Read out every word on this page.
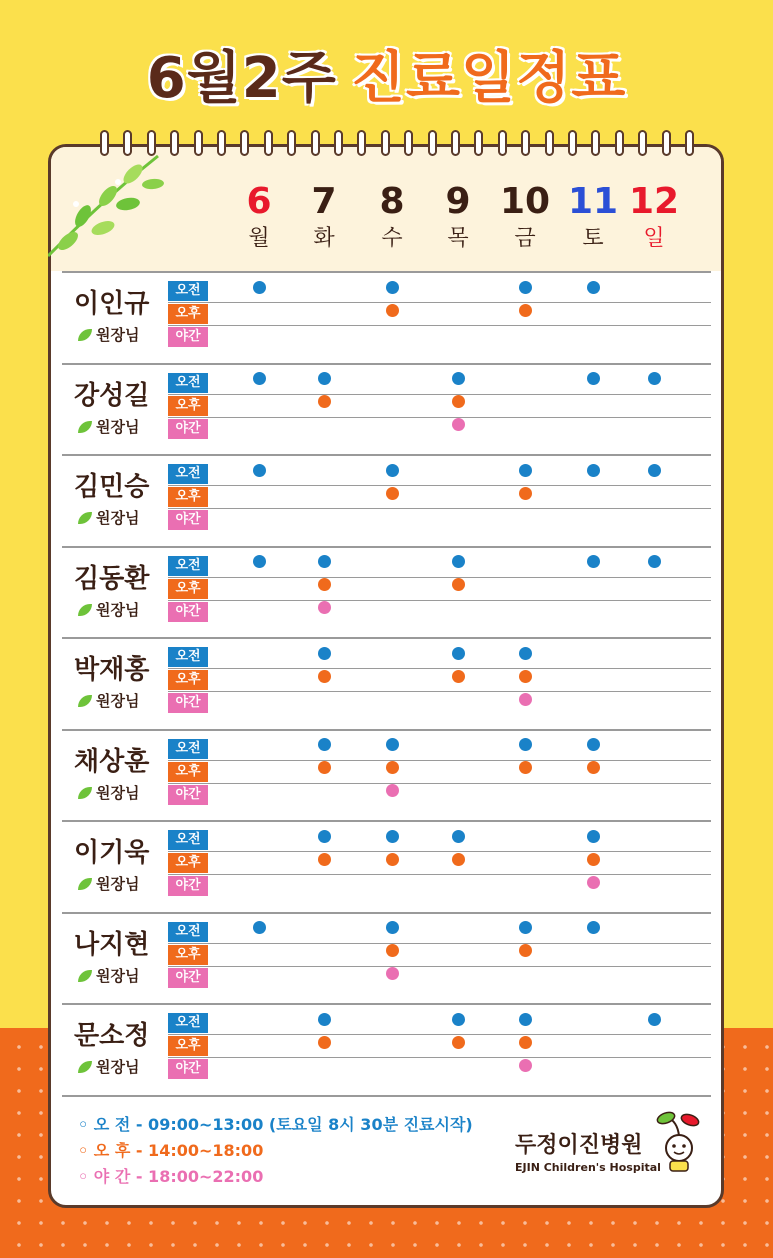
6월2주 진료일정표
6
월
7
화
8
수
9
목
10
금
11
토
12
일
이인규
원장님
오전
오후
야간
강성길
원장님
오전
오후
야간
김민승
원장님
오전
오후
야간
김동환
원장님
오전
오후
야간
박재홍
원장님
오전
오후
야간
채상훈
원장님
오전
오후
야간
이기욱
원장님
오전
오후
야간
나지현
원장님
오전
오후
야간
문소정
원장님
오전
오후
야간
◦ 오 전 - 09:00~13:00 (토요일 8시 30분 진료시작)
◦ 오 후 - 14:00~18:00
◦ 야 간 - 18:00~22:00
두정이진병원
EJIN Children's Hospital
